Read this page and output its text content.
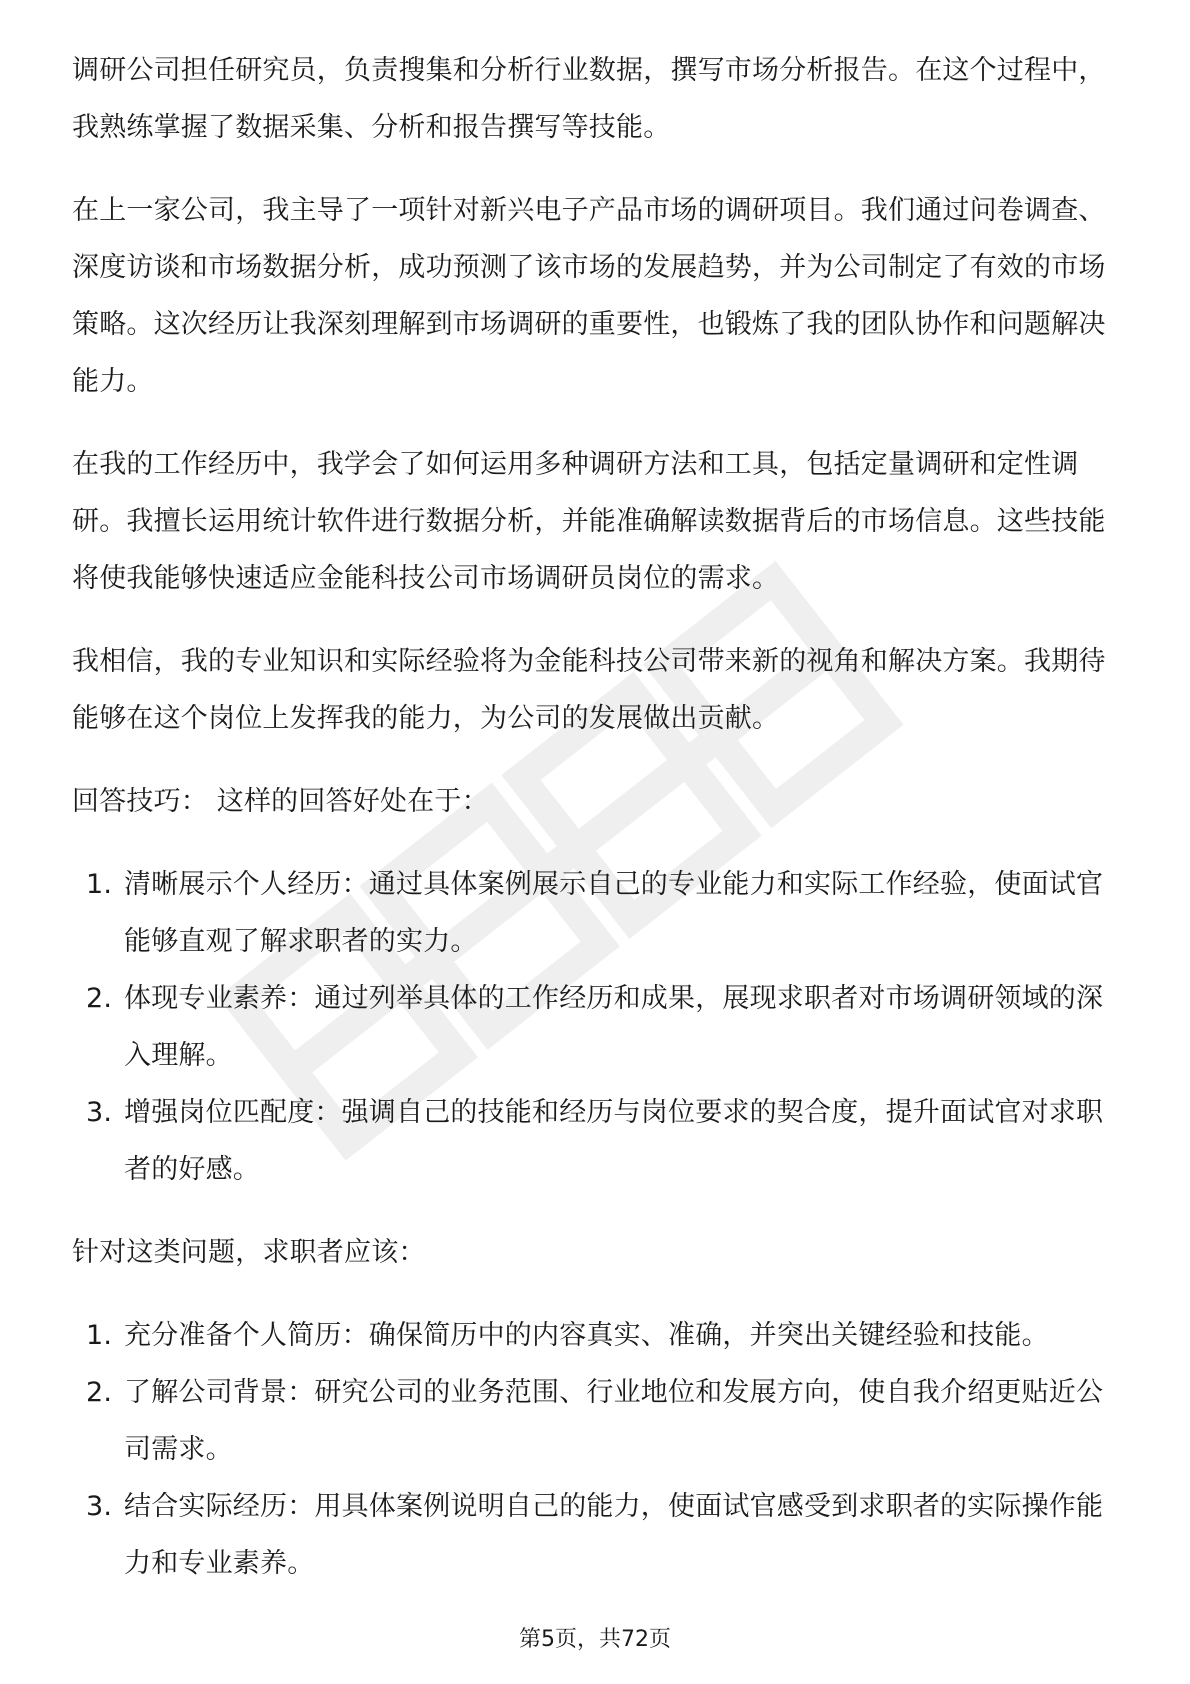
调研公司担任研究员，负责搜集和分析行业数据，撰写市场分析报告。在这个过程中，我熟练掌握了数据采集、分析和报告撰写等技能。

在上一家公司，我主导了一项针对新兴电子产品市场的调研项目。我们通过问卷调查、深度访谈和市场数据分析，成功预测了该市场的发展趋势，并为公司制定了有效的市场策略。这次经历让我深刻理解到市场调研的重要性，也锻炼了我的团队协作和问题解决能力。

在我的工作经历中，我学会了如何运用多种调研方法和工具，包括定量调研和定性调研。我擅长运用统计软件进行数据分析，并能准确解读数据背后的市场信息。这些技能将使我能够快速适应金能科技公司市场调研员岗位的需求。

我相信，我的专业知识和实际经验将为金能科技公司带来新的视角和解决方案。我期待能够在这个岗位上发挥我的能力，为公司的发展做出贡献。

回答技巧： 这样的回答好处在于：

1. 清晰展示个人经历：通过具体案例展示自己的专业能力和实际工作经验，使面试官能够直观了解求职者的实力。
2. 体现专业素养：通过列举具体的工作经历和成果，展现求职者对市场调研领域的深入理解。
3. 增强岗位匹配度：强调自己的技能和经历与岗位要求的契合度，提升面试官对求职者的好感。

针对这类问题，求职者应该：

1. 充分准备个人简历：确保简历中的内容真实、准确，并突出关键经验和技能。
2. 了解公司背景：研究公司的业务范围、行业地位和发展方向，使自我介绍更贴近公司需求。
3. 结合实际经历：用具体案例说明自己的能力，使面试官感受到求职者的实际操作能力和专业素养。
第5页，共72页
